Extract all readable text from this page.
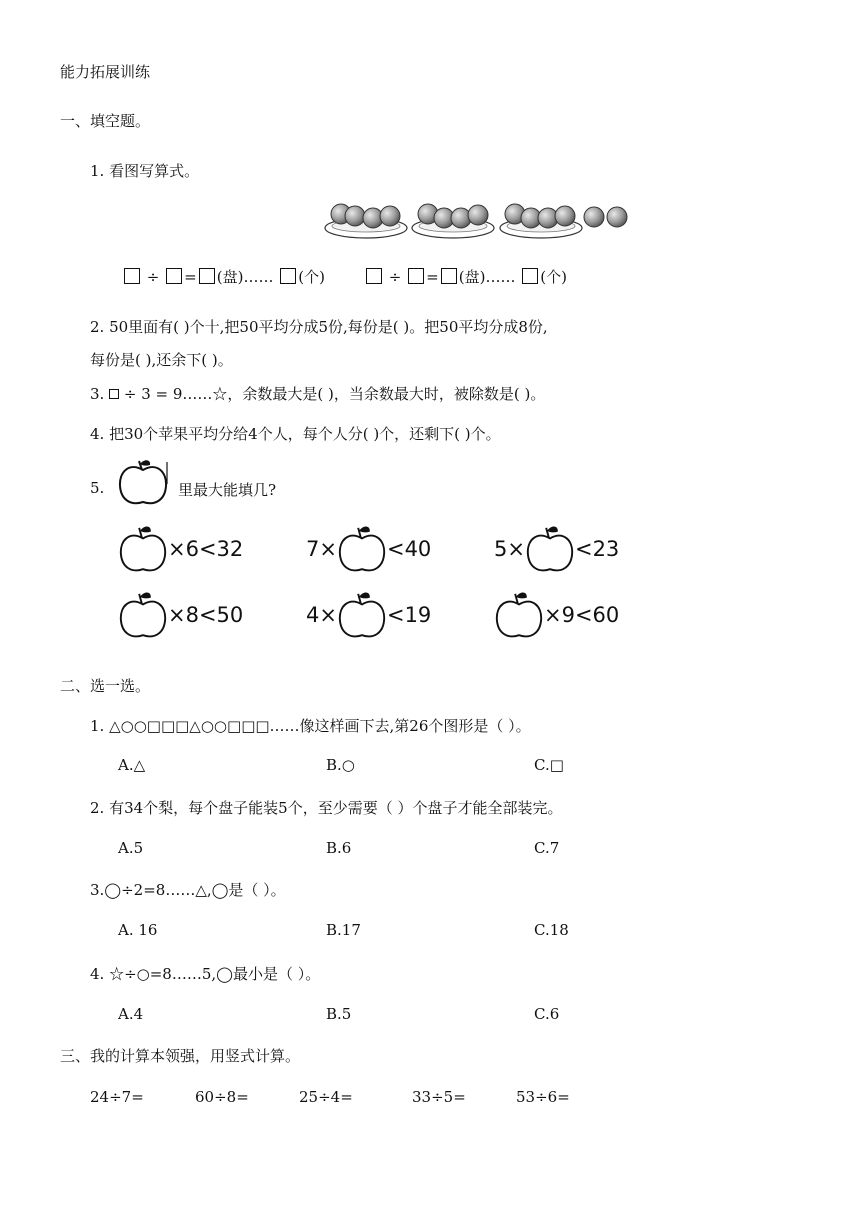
能力拓展训练
一、填空题。
1. 看图写算式。
÷ = (盘)…… (个)	÷ = (盘)…… (个)
2. 50里面有( )个十,把50平均分成5份,每份是( )。把50平均分成8份,
每份是( ),还余下( )。
3.  ÷ 3 = 9……☆，余数最大是( )，当余数最大时，被除数是( )。
4. 把30个苹果平均分给4个人，每个人分( )个，还剩下( )个。
5.	里最大能填几?
×6<32	7× <40	5× <23
×8<50	4× <19	×9<60
二、选一选。
1. △○○□□□△○○□□□……像这样画下去,第26个图形是（ ）。
A.△	B.○	C.□
2. 有34个梨，每个盘子能装5个，至少需要（ ）个盘子才能全部装完。
A.5	B.6	C.7
3.◯÷2=8……△,◯是（ ）。
A. 16	B.17	C.18
4. ☆÷○=8……5,◯最小是（ ）。
A.4	B.5	C.6
三、我的计算本领强，用竖式计算。
24÷7=	60÷8=	25÷4=	33÷5=	53÷6=
